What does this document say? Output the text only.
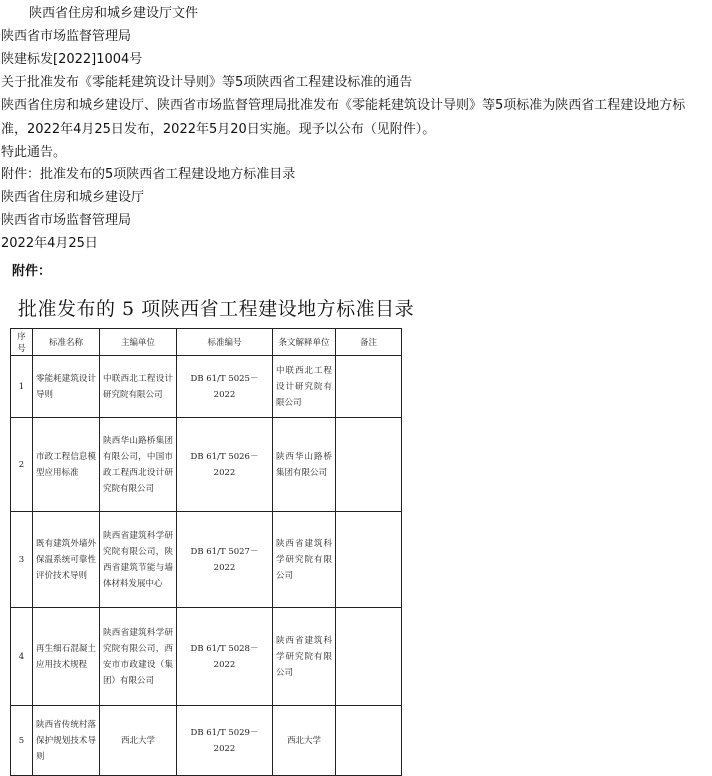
陕西省住房和城乡建设厅文件
陕西省市场监督管理局
陕建标发[2022]1004号
关于批准发布《零能耗建筑设计导则》等5项陕西省工程建设标准的通告
陕西省住房和城乡建设厅、陕西省市场监督管理局批准发布《零能耗建筑设计导则》等5项标准为陕西省工程建设地方标准，2022年4月25日发布，2022年5月20日实施。现予以公布（见附件）。
特此通告。
附件：批准发布的5项陕西省工程建设地方标准目录
陕西省住房和城乡建设厅
陕西省市场监督管理局
2022年4月25日
附件：
批准发布的 5 项陕西省工程建设地方标准目录
序号	标准名称	主编单位	标准编号	条文解释单位	备注
1	零能耗建筑设计导则	中联西北工程设计研究院有限公司	DB 61/T 5025－2022	中联西北工程设计研究院有限公司	
2	市政工程信息模型应用标准	陕西华山路桥集团有限公司，中国市政工程西北设计研究院有限公司	DB 61/T 5026－2022	陕西华山路桥集团有限公司	
3	既有建筑外墙外保温系统可靠性评价技术导则	陕西省建筑科学研究院有限公司，陕西省建筑节能与墙体材料发展中心	DB 61/T 5027－2022	陕西省建筑科学研究院有限公司	
4	再生细石混凝土应用技术规程	陕西省建筑科学研究院有限公司，西安市市政建设（集团）有限公司	DB 61/T 5028－2022	陕西省建筑科学研究院有限公司	
5	陕西省传统村落保护规划技术导则	西北大学	DB 61/T 5029－2022	西北大学	
